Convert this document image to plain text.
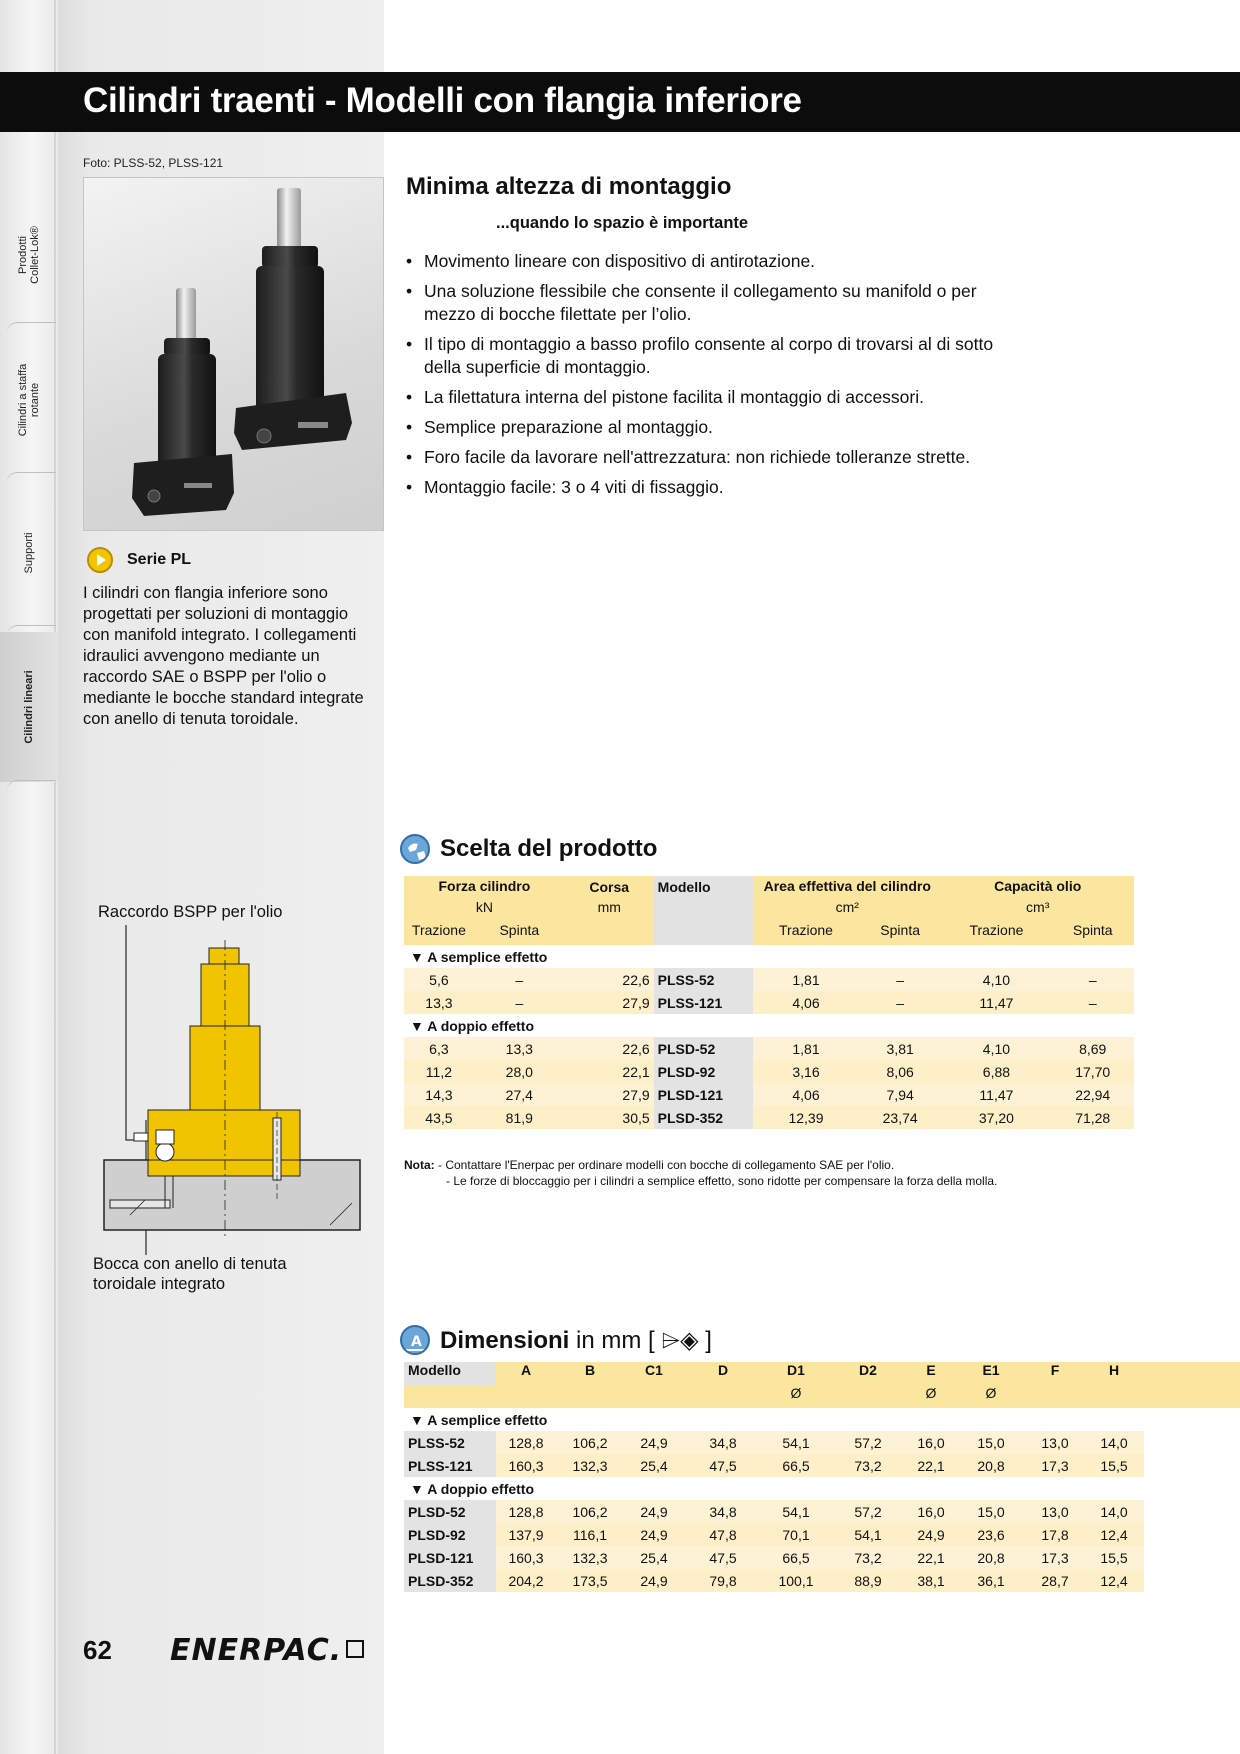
Prodotti Collet-Lok®
Cilindri a staffa rotante
Supporti
Cilindri lineari
Cilindri traenti - Modelli con flangia inferiore
Foto: PLSS-52, PLSS-121
Serie PL
I cilindri con flangia inferiore sono progettati per soluzioni di montaggio con manifold integrato. I collegamenti idraulici avvengono mediante un raccordo SAE o BSPP per l'olio o mediante le bocche standard integrate con anello di tenuta toroidale.
Minima altezza di montaggio
...quando lo spazio è importante
• Movimento lineare con dispositivo di antirotazione.
• Una soluzione flessibile che consente il collegamento su manifold o per mezzo di bocche filettate per l’olio.
• Il tipo di montaggio a basso profilo consente al corpo di trovarsi al di sotto della superficie di montaggio.
• La filettatura interna del pistone facilita il montaggio di accessori.
• Semplice preparazione al montaggio.
• Foro facile da lavorare nell'attrezzatura: non richiede tolleranze strette.
• Montaggio facile: 3 o 4 viti di fissaggio.
Raccordo BSPP per l'olio
Bocca con anello di tenuta toroidale integrato
Scelta del prodotto
Forza cilindro		Corsa	Modello	Area effettiva del cilindro		Capacità olio	
kN		mm		cm²		cm³	
Trazione	Spinta			Trazione	Spinta	Trazione	Spinta
▼ A semplice effetto							
5,6	–	22,6	PLSS-52	1,81	–	4,10	–
13,3	–	27,9	PLSS-121	4,06	–	11,47	–
▼ A doppio effetto							
6,3	13,3	22,6	PLSD-52	1,81	3,81	4,10	8,69
11,2	28,0	22,1	PLSD-92	3,16	8,06	6,88	17,70
14,3	27,4	27,9	PLSD-121	4,06	7,94	11,47	22,94
43,5	81,9	30,5	PLSD-352	12,39	23,74	37,20	71,28
Nota: - Contattare l'Enerpac per ordinare modelli con bocche di collegamento SAE per l'olio.
- Le forze di bloccaggio per i cilindri a semplice effetto, sono ridotte per compensare la forza della molla.
A Dimensioni in mm [ ⌲◈ ]
Modello	A	B	C1	D	D1	D2	E	E1	F	H	
					Ø		Ø	Ø			
▼ A semplice effetto											
PLSS-52	128,8	106,2	24,9	34,8	54,1	57,2	16,0	15,0	13,0	14,0	
PLSS-121	160,3	132,3	25,4	47,5	66,5	73,2	22,1	20,8	17,3	15,5	
▼ A doppio effetto											
PLSD-52	128,8	106,2	24,9	34,8	54,1	57,2	16,0	15,0	13,0	14,0	
PLSD-92	137,9	116,1	24,9	47,8	70,1	54,1	24,9	23,6	17,8	12,4	
PLSD-121	160,3	132,3	25,4	47,5	66,5	73,2	22,1	20,8	17,3	15,5	
PLSD-352	204,2	173,5	24,9	79,8	100,1	88,9	38,1	36,1	28,7	12,4	
62 ENERPAC.
